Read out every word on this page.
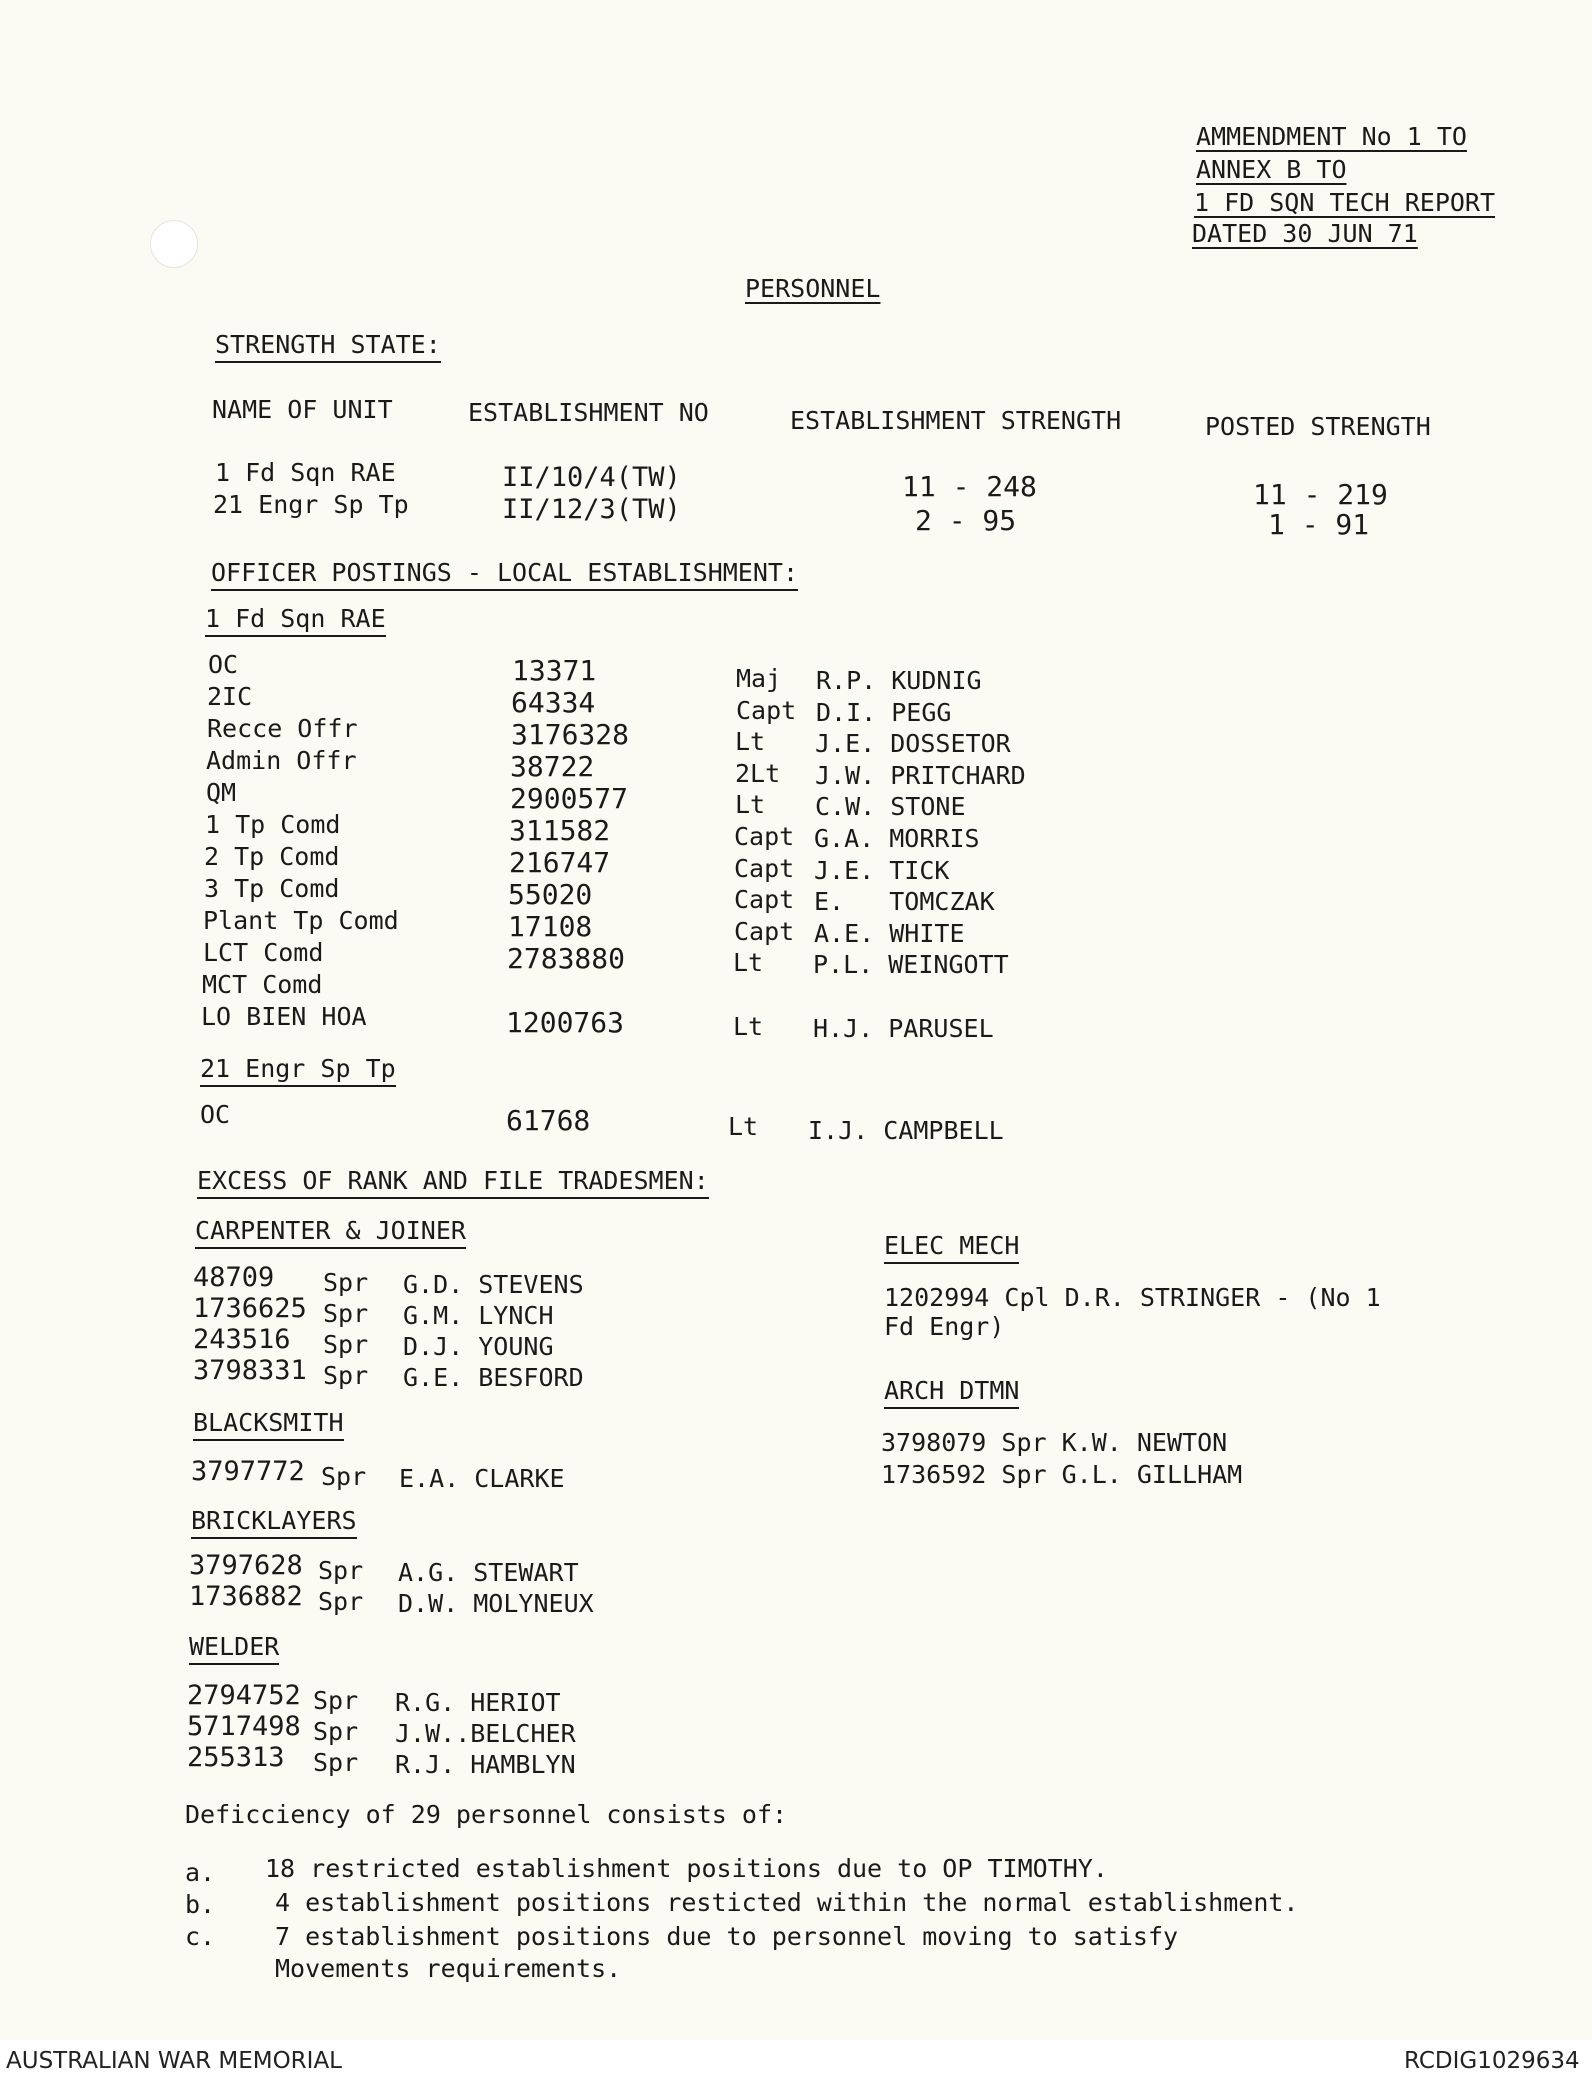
AMMENDMENT No 1 TO
ANNEX B TO
1 FD SQN TECH REPORT
DATED 30 JUN 71
PERSONNEL
STRENGTH STATE:
NAME OF UNIT	ESTABLISHMENT NO	ESTABLISHMENT STRENGTH	POSTED STRENGTH
1 Fd Sqn RAE	II/10/4(TW)	11 - 248	11 - 219
21 Engr Sp Tp	II/12/3(TW)	2 - 95	1 - 91
OFFICER POSTINGS - LOCAL ESTABLISHMENT:
1 Fd Sqn RAE
OC	13371	Maj R.P. KUDNIG
2IC	64334	Capt D.I. PEGG
Recce Offr	3176328	Lt J.E. DOSSETOR
Admin Offr	38722	2Lt J.W. PRITCHARD
QM	2900577	Lt C.W. STONE
1 Tp Comd	311582	Capt G.A. MORRIS
2 Tp Comd	216747	Capt J.E. TICK
3 Tp Comd	55020	Capt E.   TOMCZAK
Plant Tp Comd	17108	Capt A.E. WHITE
LCT Comd	2783880	Lt P.L. WEINGOTT
MCT Comd
LO BIEN HOA	1200763	Lt H.J. PARUSEL
21 Engr Sp Tp
OC	61768	Lt I.J. CAMPBELL
EXCESS OF RANK AND FILE TRADESMEN:
CARPENTER & JOINER
48709 Spr G.D. STEVENS
1736625 Spr G.M. LYNCH
243516 Spr D.J. YOUNG
3798331 Spr G.E. BESFORD
BLACKSMITH
3797772 Spr E.A. CLARKE
BRICKLAYERS
3797628 Spr A.G. STEWART
1736882 Spr D.W. MOLYNEUX
WELDER
2794752 Spr R.G. HERIOT
5717498 Spr J.W..BELCHER
255313 Spr R.J. HAMBLYN
ELEC MECH
1202994 Cpl D.R. STRINGER - (No 1
Fd Engr)
ARCH DTMN
3798079 Spr K.W. NEWTON
1736592 Spr G.L. GILLHAM
Deficciency of 29 personnel consists of:
a. 18 restricted establishment positions due to OP TIMOTHY.
b. 4 establishment positions resticted within the normal establishment.
c. 7 establishment positions due to personnel moving to satisfy
Movements requirements.
AUSTRALIAN WAR MEMORIAL	RCDIG1029634
